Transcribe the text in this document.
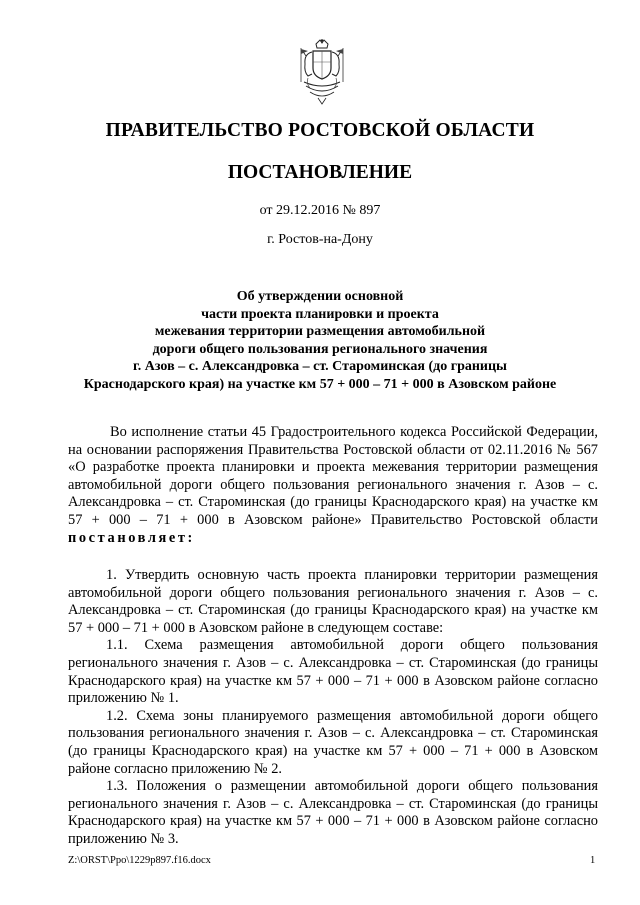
ПРАВИТЕЛЬСТВО РОСТОВСКОЙ ОБЛАСТИ
ПОСТАНОВЛЕНИЕ
от 29.12.2016 № 897
г. Ростов-на-Дону
Об утверждении основной
части проекта планировки и проекта
межевания территории размещения автомобильной
дороги общего пользования регионального значения
г. Азов – с. Александровка – ст. Староминская (до границы
Краснодарского края) на участке км 57 + 000 – 71 + 000 в Азовском районе

Во исполнение статьи 45 Градостроительного кодекса Российской Федерации, на основании распоряжения Правительства Ростовской области от 02.11.2016 № 567 «О разработке проекта планировки и проекта межевания территории размещения автомобильной дороги общего пользования регионального значения г. Азов – с. Александровка – ст. Староминская (до границы Краснодарского края) на участке км 57 + 000 – 71 + 000 в Азовском районе» Правительство Ростовской области постановляет:

1. Утвердить основную часть проекта планировки территории размещения автомобильной дороги общего пользования регионального значения г. Азов – с. Александровка – ст. Староминская (до границы Краснодарского края) на участке км 57 + 000 – 71 + 000 в Азовском районе в следующем составе:

1.1. Схема размещения автомобильной дороги общего пользования регионального значения г. Азов – с. Александровка – ст. Староминская (до границы Краснодарского края) на участке км 57 + 000 – 71 + 000 в Азовском районе согласно приложению № 1.

1.2. Схема зоны планируемого размещения автомобильной дороги общего пользования регионального значения г. Азов – с. Александровка – ст. Староминская (до границы Краснодарского края) на участке км 57 + 000 – 71 + 000 в Азовском районе согласно приложению № 2.

1.3. Положения о размещении автомобильной дороги общего пользования регионального значения г. Азов – с. Александровка – ст. Староминская (до границы Краснодарского края) на участке км 57 + 000 – 71 + 000 в Азовском районе согласно приложению № 3.

Z:\ORST\Ppo\1229p897.f16.docx	1
